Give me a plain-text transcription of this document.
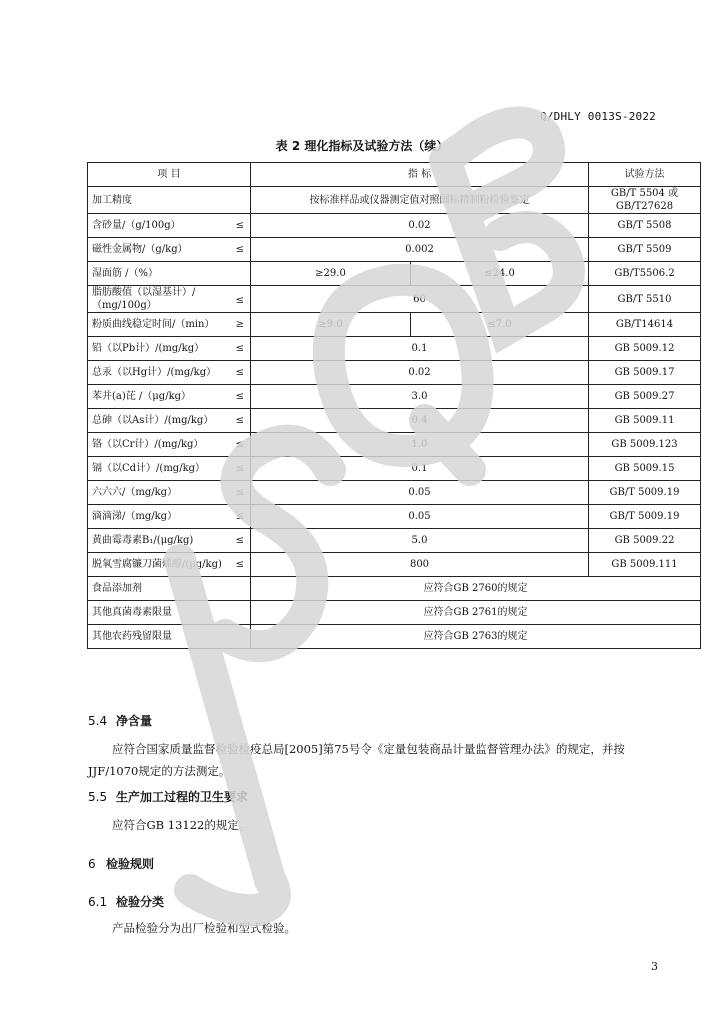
Q/DHLY 0013S-2022
表 2 理化指标及试验方法（续）
项 目	指 标		试验方法
加工精度	按标准样品或仪器测定值对照国标精制粉检验鉴定		GB/T 5504 或
GB/T27628
含砂量/（g/100g） ≤	0.02		GB/T 5508
磁性金属物/（g/kg） ≤	0.002		GB/T 5509
湿面筋 /（%）	≥29.0	≤24.0	GB/T5506.2
脂肪酸值（以湿基计）/（mg/100g） ≤	60		GB/T 5510
粉质曲线稳定时间/（min） ≥	≥9.0	≤7.0	GB/T14614
铅（以Pb计）/(mg/kg） ≤	0.1		GB 5009.12
总汞（以Hg计）/(mg/kg） ≤	0.02		GB 5009.17
苯并(a)芘 /（μg/kg） ≤	3.0		GB 5009.27
总砷（以As计）/(mg/kg） ≤	0.4		GB 5009.11
铬（以Cr计）/(mg/kg） ≤	1.0		GB 5009.123
镉（以Cd计）/(mg/kg） ≤	0.1		GB 5009.15
六六六/（mg/kg） ≤	0.05		GB/T 5009.19
滴滴涕/（mg/kg） ≤	0.05		GB/T 5009.19
黄曲霉毒素B₁/(μg/kg) ≤	5.0		GB 5009.22
脱氧雪腐镰刀菌烯醇/(μg/kg) ≤	800		GB 5009.111
食品添加剂	应符合GB 2760的规定		
其他真菌毒素限量	应符合GB 2761的规定		
其他农药残留限量	应符合GB 2763的规定		
5.4 净含量
应符合国家质量监督检验检疫总局[2005]第75号令《定量包装商品计量监督管理办法》的规定，并按JJF/1070规定的方法测定。
5.5 生产加工过程的卫生要求
应符合GB 13122的规定。
6 检验规则
6.1 检验分类
产品检验分为出厂检验和型式检验。
3
